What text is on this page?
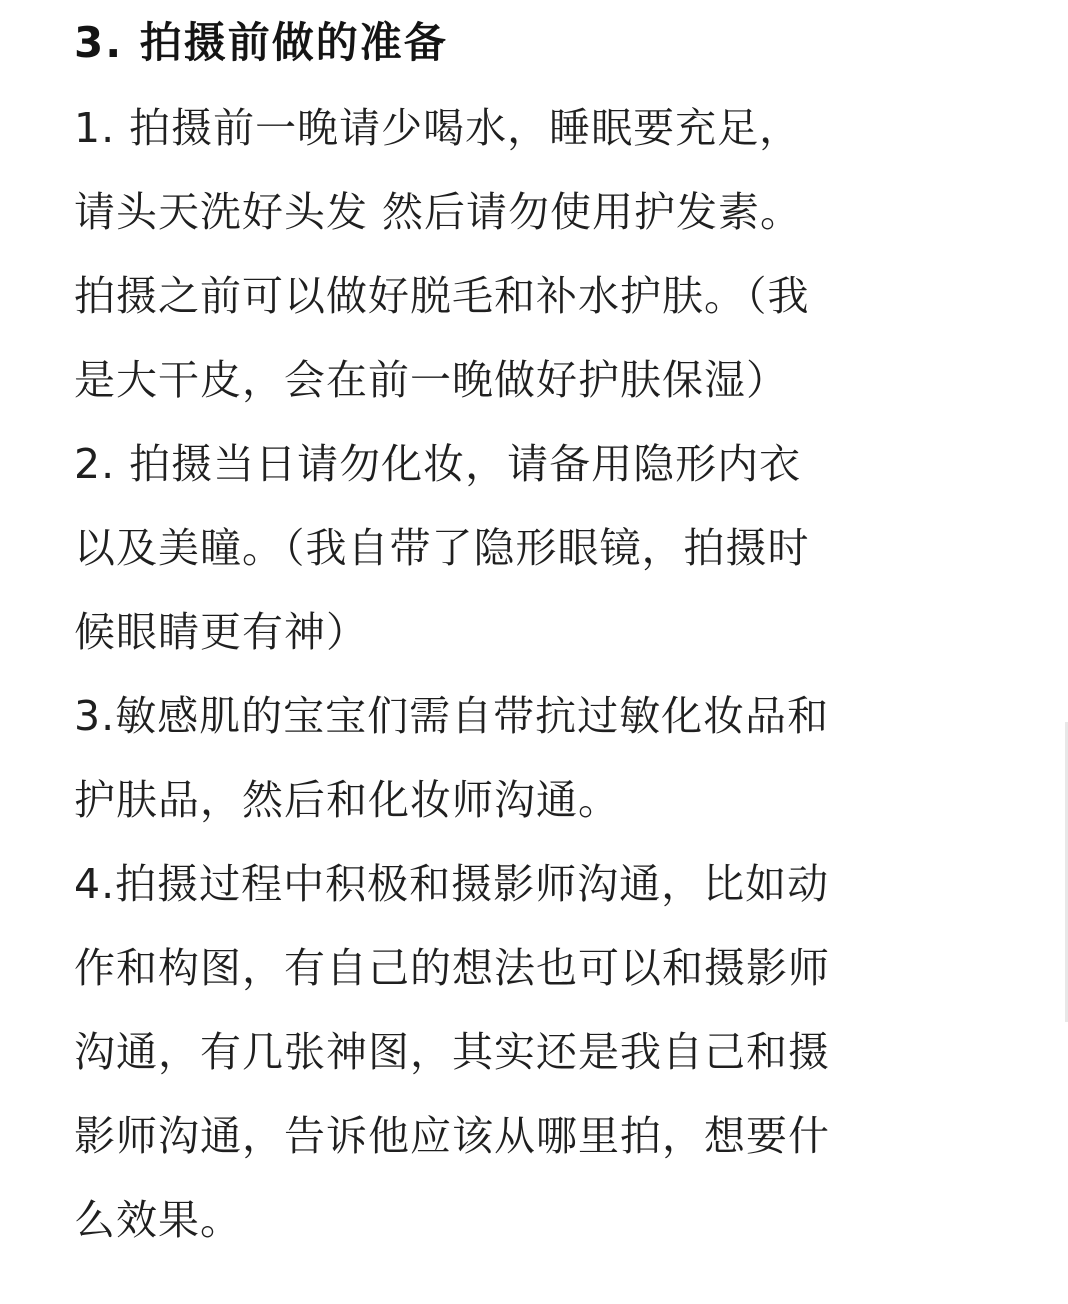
3. 拍摄前做的准备
1. 拍摄前一晚请少喝水，睡眠要充足，
请头天洗好头发 然后请勿使用护发素。
拍摄之前可以做好脱毛和补水护肤。（我
是大干皮，会在前一晚做好护肤保湿）
2. 拍摄当日请勿化妆，请备用隐形内衣
以及美瞳。（我自带了隐形眼镜，拍摄时
候眼睛更有神）
3.敏感肌的宝宝们需自带抗过敏化妆品和
护肤品，然后和化妆师沟通。
4.拍摄过程中积极和摄影师沟通，比如动
作和构图，有自己的想法也可以和摄影师
沟通，有几张神图，其实还是我自己和摄
影师沟通，告诉他应该从哪里拍，想要什
么效果。
